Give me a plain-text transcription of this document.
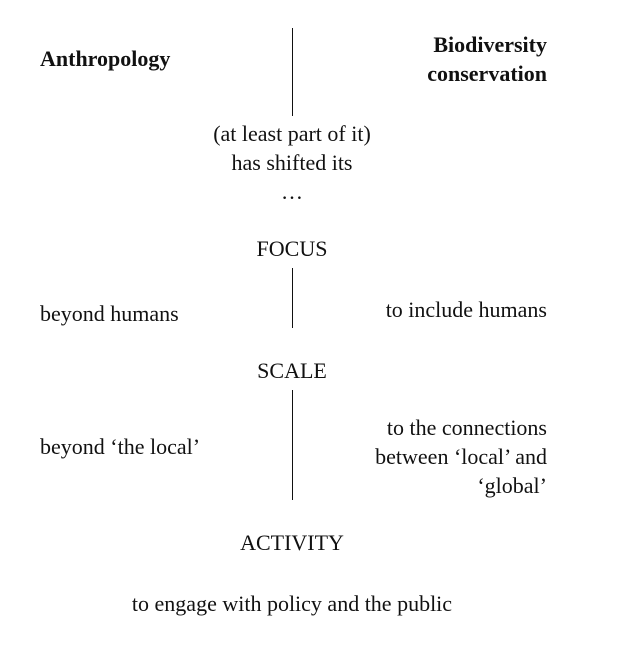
Anthropology
Biodiversity
conservation
(at least part of it)
has shifted its
…
FOCUS
beyond humans	to include humans
SCALE
beyond ‘the local’
to the connections
between ‘local’ and
‘global’
ACTIVITY
to engage with policy and the public
